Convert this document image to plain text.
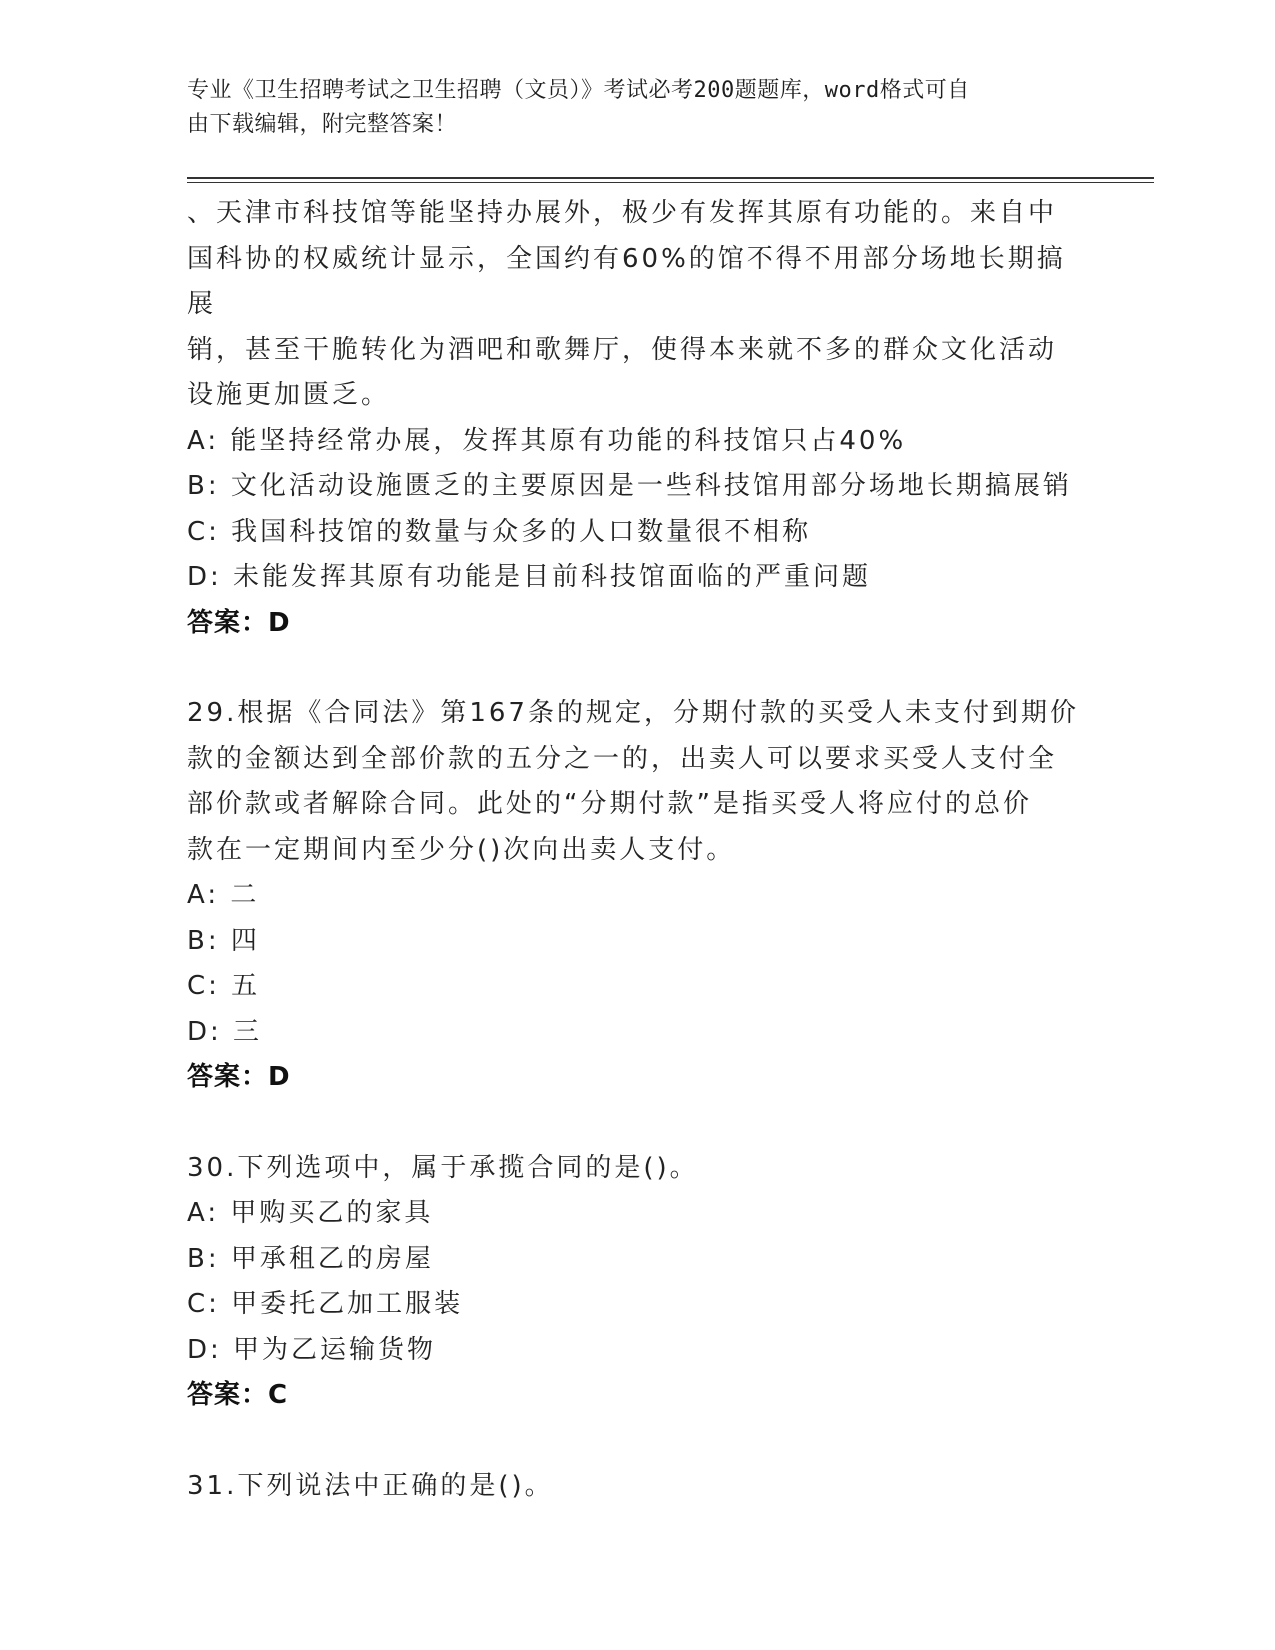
专业《卫生招聘考试之卫生招聘（文员）》考试必考200题题库，word格式可自
由下载编辑，附完整答案！

、天津市科技馆等能坚持办展外，极少有发挥其原有功能的。来自中

国科协的权威统计显示，全国约有60%的馆不得不用部分场地长期搞展

销，甚至干脆转化为酒吧和歌舞厅，使得本来就不多的群众文化活动

设施更加匮乏。

A: 能坚持经常办展，发挥其原有功能的科技馆只占40%

B: 文化活动设施匮乏的主要原因是一些科技馆用部分场地长期搞展销

C: 我国科技馆的数量与众多的人口数量很不相称

D: 未能发挥其原有功能是目前科技馆面临的严重问题

答案：D

29.根据《合同法》第167条的规定，分期付款的买受人未支付到期价

款的金额达到全部价款的五分之一的，出卖人可以要求买受人支付全

部价款或者解除合同。此处的“分期付款”是指买受人将应付的总价

款在一定期间内至少分()次向出卖人支付。

A: 二

B: 四

C: 五

D: 三

答案：D

30.下列选项中，属于承揽合同的是()。

A: 甲购买乙的家具

B: 甲承租乙的房屋

C: 甲委托乙加工服装

D: 甲为乙运输货物

答案：C

31.下列说法中正确的是()。
